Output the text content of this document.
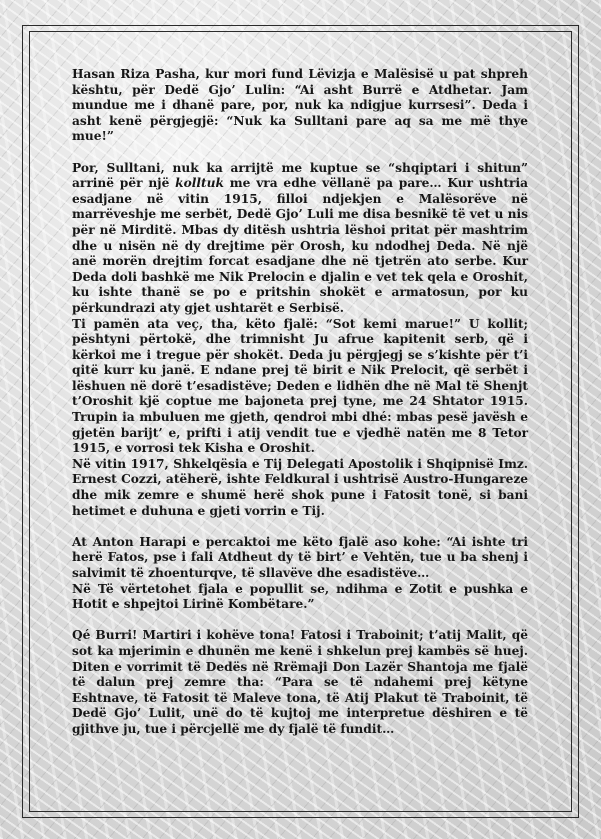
Hasan Riza Pasha, kur mori fund Lëvizja e Malësisë u pat shpreh kështu, për Dedë Gjo’ Lulin: “Ai asht Burrë e Atdhetar. Jam mundue me i dhanë pare, por, nuk ka ndigjue kurrsesi”. Deda i asht kenë përgjegjë: “Nuk ka Sulltani pare aq sa me më thye mue!”

Por, Sulltani, nuk ka arrijtë me kuptue se “shqiptari i shitun” arrinë për një kolltuk me vra edhe vëllanë pa pare… Kur ushtria esadjane në vitin 1915, filloi ndjekjen e Malësorëve në marrëveshje me serbët, Dedë Gjo’ Luli me disa besnikë të vet u nis për në Mirditë. Mbas dy ditësh ushtria lëshoi pritat për mashtrim dhe u nisën në dy drejtime për Orosh, ku ndodhej Deda. Në një anë morën drejtim forcat esadjane dhe në tjetrën ato serbe. Kur Deda doli bashkë me Nik Prelocin e djalin e vet tek qela e Oroshit, ku ishte thanë se po e pritshin shokët e armatosun, por ku përkundrazi aty gjet ushtarët e Serbisë.

Ti pamën ata veç, tha, këto fjalë: “Sot kemi marue!” U kollit; pështyni përtokë, dhe trimnisht Ju afrue kapitenit serb, që i kërkoi me i tregue për shokët. Deda ju përgjegj se s’kishte për t’i qitë kurr ku janë. E ndane prej të birit e Nik Prelocit, që serbët i lëshuen në dorë t’esadistëve; Deden e lidhën dhe në Mal të Shenjt t’Oroshit kjë coptue me bajoneta prej tyne, me 24 Shtator 1915. Trupin ia mbuluen me gjeth, qendroi mbi dhé: mbas pesë javësh e gjetën barijt’ e, prifti i atij vendit tue e vjedhë natën me 8 Tetor 1915, e vorrosi tek Kisha e Oroshit.

Në vitin 1917, Shkelqësia e Tij Delegati Apostolik i Shqipnisë Imz. Ernest Cozzi, atëherë, ishte Feldkural i ushtrisë Austro-Hungareze dhe mik zemre e shumë herë shok pune i Fatosit tonë, si bani hetimet e duhuna e gjeti vorrin e Tij.

At Anton Harapi e percaktoi me këto fjalë aso kohe: “Ai ishte tri herë Fatos, pse i fali Atdheut dy të birt’ e Vehtën, tue u ba shenj i salvimit të zhoenturqve, të sllavëve dhe esadistëve…

Në Të vërtetohet fjala e popullit se, ndihma e Zotit e pushka e Hotit e shpejtoi Lirinë Kombëtare.”

Qé Burri! Martiri i kohëve tona! Fatosi i Traboinit; t’atij Malit, që sot ka mjerimin e dhunën me kenë i shkelun prej kambës së huej. Diten e vorrimit të Dedës në Rrëmaji Don Lazër Shantoja me fjalë të dalun prej zemre tha: “Para se të ndahemi prej këtyne Eshtnave, të Fatosit të Maleve tona, të Atij Plakut të Traboinit, të Dedë Gjo’ Lulit, unë do të kujtoj me interpretue dëshiren e të gjithve ju, tue i përcjellë me dy fjalë të fundit…
